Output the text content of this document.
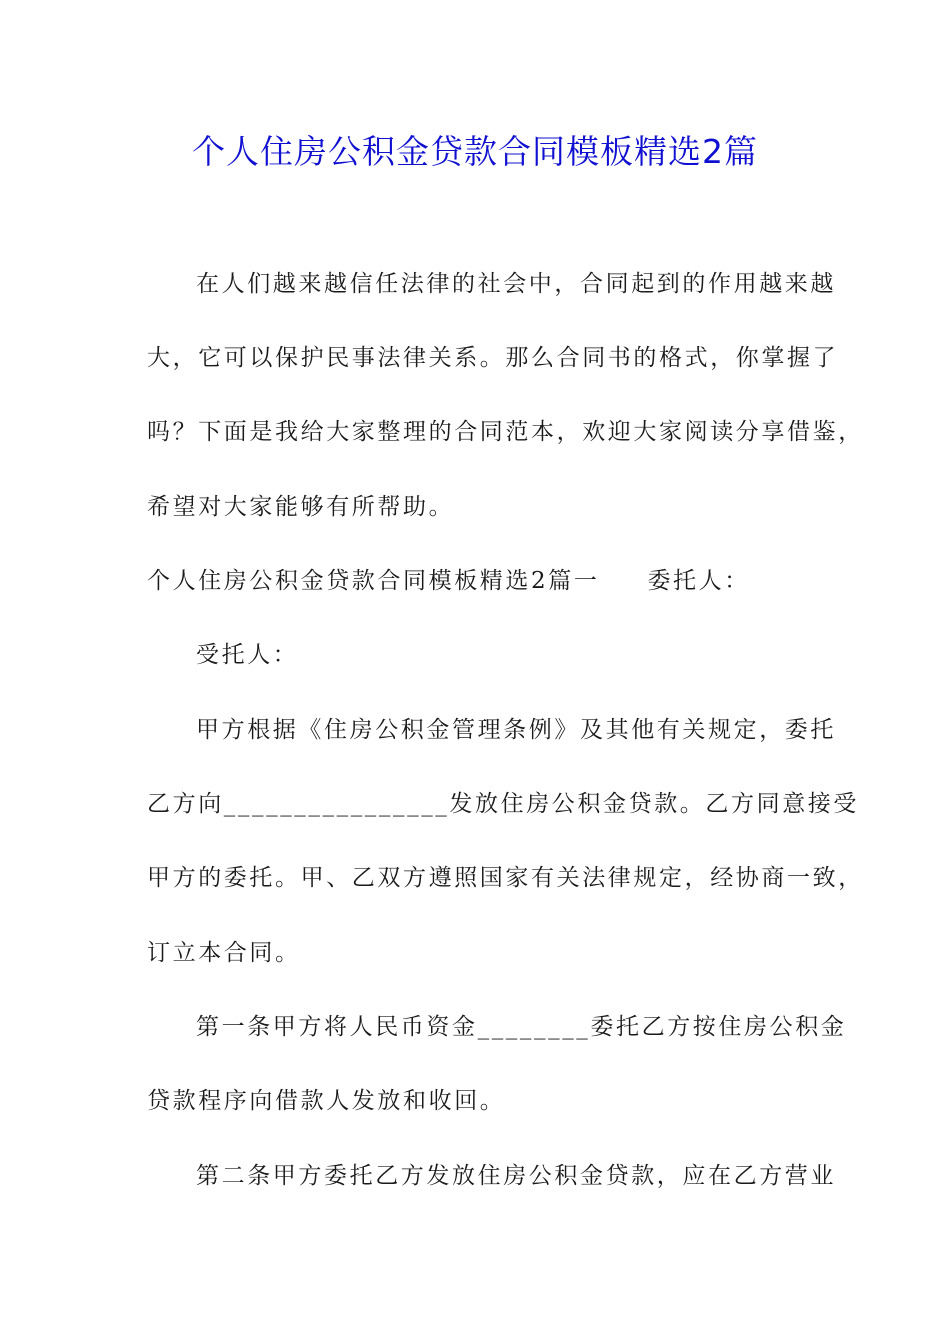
个人住房公积金贷款合同模板精选2篇

在人们越来越信任法律的社会中，合同起到的作用越来越

大，它可以保护民事法律关系。那么合同书的格式，你掌握了

吗？下面是我给大家整理的合同范本，欢迎大家阅读分享借鉴，

希望对大家能够有所帮助。

个人住房公积金贷款合同模板精选2篇一 委托人：

受托人：

甲方根据《住房公积金管理条例》及其他有关规定，委托

乙方向________________发放住房公积金贷款。乙方同意接受

甲方的委托。甲、乙双方遵照国家有关法律规定，经协商一致，

订立本合同。

第一条甲方将人民币资金________委托乙方按住房公积金

贷款程序向借款人发放和收回。

第二条甲方委托乙方发放住房公积金贷款，应在乙方营业
